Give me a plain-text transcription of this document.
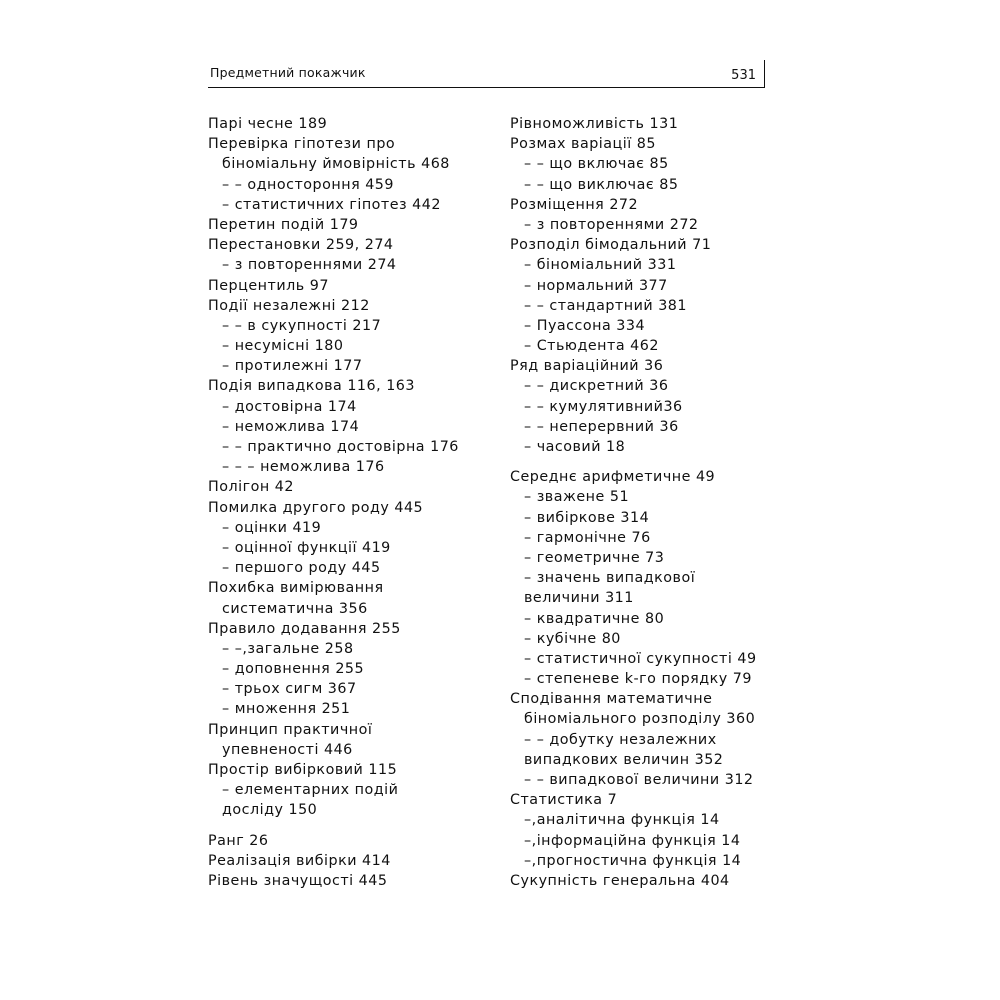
Предметний покажчик	531
Парі чесне 189
Перевірка гіпотези про
біноміальну ймовірність 468
– – одностороння 459
– статистичних гіпотез 442
Перетин подій 179
Перестановки 259, 274
– з повтореннями 274
Перцентиль 97
Події незалежні 212
– – в сукупності 217
– несумісні 180
– протилежні 177
Подія випадкова 116, 163
– достовірна 174
– неможлива 174
– – практично достовірна 176
– – – неможлива 176
Полігон 42
Помилка другого роду 445
– оцінки 419
– оцінної функції 419
– першого роду 445
Похибка вимірювання
систематична 356
Правило додавання 255
– –,загальне 258
– доповнення 255
– трьох сигм 367
– множення 251
Принцип практичної
упевненості 446
Простір вибірковий 115
– елементарних подій
досліду 150
Ранг 26
Реалізація вибірки 414
Рівень значущості 445
Рівноможливість 131
Розмах варіації 85
– – що включає 85
– – що виключає 85
Розміщення 272
– з повтореннями 272
Розподіл бімодальний 71
– біноміальний 331
– нормальний 377
– – стандартний 381
– Пуассона 334
– Стьюдента 462
Ряд варіаційний 36
– – дискретний 36
– – кумулятивний36
– – неперервний 36
– часовий 18
Середнє арифметичне 49
– зважене 51
– вибіркове 314
– гармонічне 76
– геометричне 73
– значень випадкової
величини 311
– квадратичне 80
– кубічне 80
– статистичної сукупності 49
– степеневе k-го порядку 79
Сподівання математичне
біноміального розподілу 360
– – добутку незалежних
випадкових величин 352
– – випадкової величини 312
Статистика 7
–,аналітична функція 14
–,інформаційна функція 14
–,прогностична функція 14
Сукупність генеральна 404
